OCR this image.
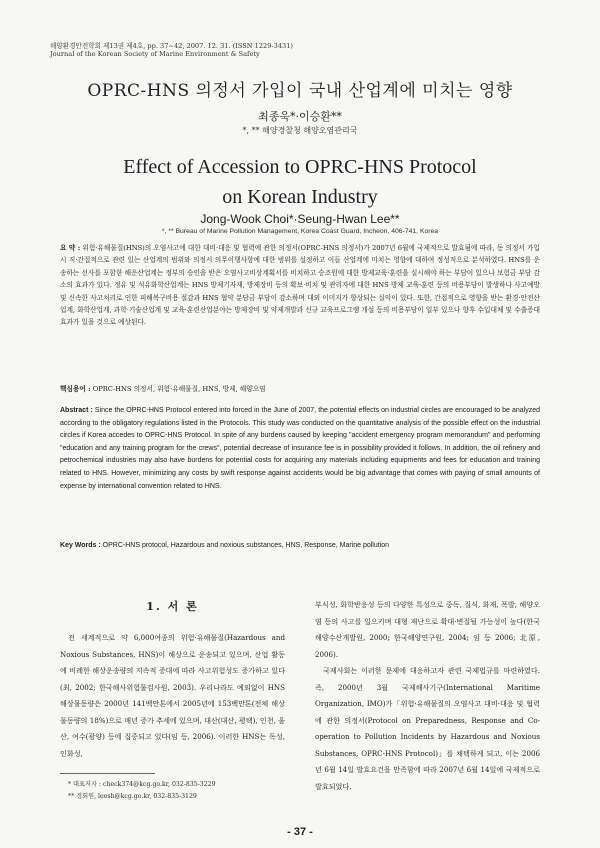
해양환경안전학회 제13권 제4호, pp. 37~42, 2007. 12. 31. (ISSN 1229-3431)
Journal of the Korean Society of Marine Environment & Safety
OPRC-HNS 의정서 가입이 국내 산업계에 미치는 영향
최종욱*·이승환**
*, ** 해양경찰청 해양오염관리국
Effect of Accession to OPRC-HNS Protocol
on Korean Industry
Jong-Wook Choi*·Seung-Hwan Lee**
*, ** Bureau of Marine Pollution Management, Korea Coast Guard, Incheon, 406-741, Korea
요 약 : 위험·유해물질(HNS)의 오염사고에 대한 대비·대응 및 협력에 관한 의정서(OPRC-HNS 의정서)가 2007년 6월에 국제적으로 발효됨에 따라, 동 의정서 가입시 직·간접적으로 관련 있는 산업계의 범위와 의정서 의무이행사항에 대한 범위를 설정하고 이들 산업계에 미치는 영향에 대하여 정성적으로 분석하였다. HNS를 운송하는 선사를 포함한 해운산업계는 정부의 승인을 받은 오염사고비상계획서를 비치하고 승조원에 대한 방제교육·훈련을 실시해야 하는 부담이 있으나 보험금 부담 감소의 효과가 있다. 정유 및 석유화학산업계는 HNS 방제기자재, 방제장비 등의 확보·비치 및 관리자에 대한 HNS 방제 교육·훈련 등의 비용부담이 발생하나 사고예방 및 신속한 사고처리로 인한 피해복구비용 절감과 HNS 협약 분담금 부담이 감소하며 대외 이미지가 향상되는 실익이 있다. 또한, 간접적으로 영향을 받는 환경·안전산업계, 화학산업계, 과학·기술산업계 및 교육·훈련산업분야는 방제장비 및 약제개발과 신규 교육프로그램 개설 등의 비용부담이 일부 있으나 향후 수입대체 및 수출증대 효과가 있을 것으로 예상된다.
핵심용어 : OPRC-HNS 의정서, 위험·유해물질, HNS, 방제, 해양오염
Abstract : Since the OPRC-HNS Protocol entered into forced in the June of 2007, the potential effects on industrial circles are encouraged to be analyzed according to the obligatory regulations listed in the Protocols. This study was conducted on the quantitative analysis of the possible effect on the industrial circles if Korea accedes to OPRC-HNS Protocol. In spite of any burdens caused by keeping "accident emergency program memorandum" and performing "education and any training program for the crews", potential decrease of insurance fee is in possibility provided it follows. In addition, the oil refinery and petrochemical industries may also have burdens for potential costs for acquiring any materials including equipments and fees for education and training related to HNS. However, minimizing any costs by swift response against accidents would be big advantage that comes with paying of small amounts of expense by international convention related to HNS.
Key Words : OPRC-HNS protocol, Hazardous and noxious substances, HNS, Response, Marine pollution
1. 서 론

전 세계적으로 약 6,000여종의 위험·유해물질(Hazardous and Noxious Substances, HNS)이 해상으로 운송되고 있으며, 산업 활동에 비례한 해상운송량의 지속적 증대에 따라 사고위험성도 증가하고 있다(최, 2002; 한국해사위험물검사원, 2003). 우리나라도 예외없이 HNS 해상물동량은 2000년 141백만톤에서 2005년에 153백만톤(전체 해상물동량의 18%)으로 매년 증가 추세에 있으며, 대산(대산, 평택), 인천, 울산, 여수(광양) 등에 집중되고 있다(임 등, 2006). 이러한 HNS는 독성, 인화성,

부식성, 화학반응성 등의 다양한 특성으로 중독, 질식, 화재, 폭발, 해양오염 등의 사고를 일으키며 대형 재난으로 확대·변질될 가능성이 높다(한국해양수산개발원, 2000; 한국해양연구원, 2004; 임 등 2006; 北原, 2006).

국제사회는 이러한 문제에 대응하고자 관련 국제법규를 마련하였다. 즉, 2000년 3월 국제해사기구(International Maritime Organization, IMO)가「위험·유해물질의 오염사고 대비·대응 및 협력에 관한 의정서(Protocol on Preparedness, Response and Co-operation to Pollution Incidents by Hazardous and Noxious Substances, OPRC-HNS Protocol)」를 채택하게 되고, 이는 2006년 6월 14일 발효요건을 만족함에 따라 2007년 6월 14일에 국제적으로 발효되었다.

* 대표저자 : check374@kcg.go.kr, 032-835-3229
** 정회원, leesh@kcg.go.kr, 032-835-3129
- 37 -
